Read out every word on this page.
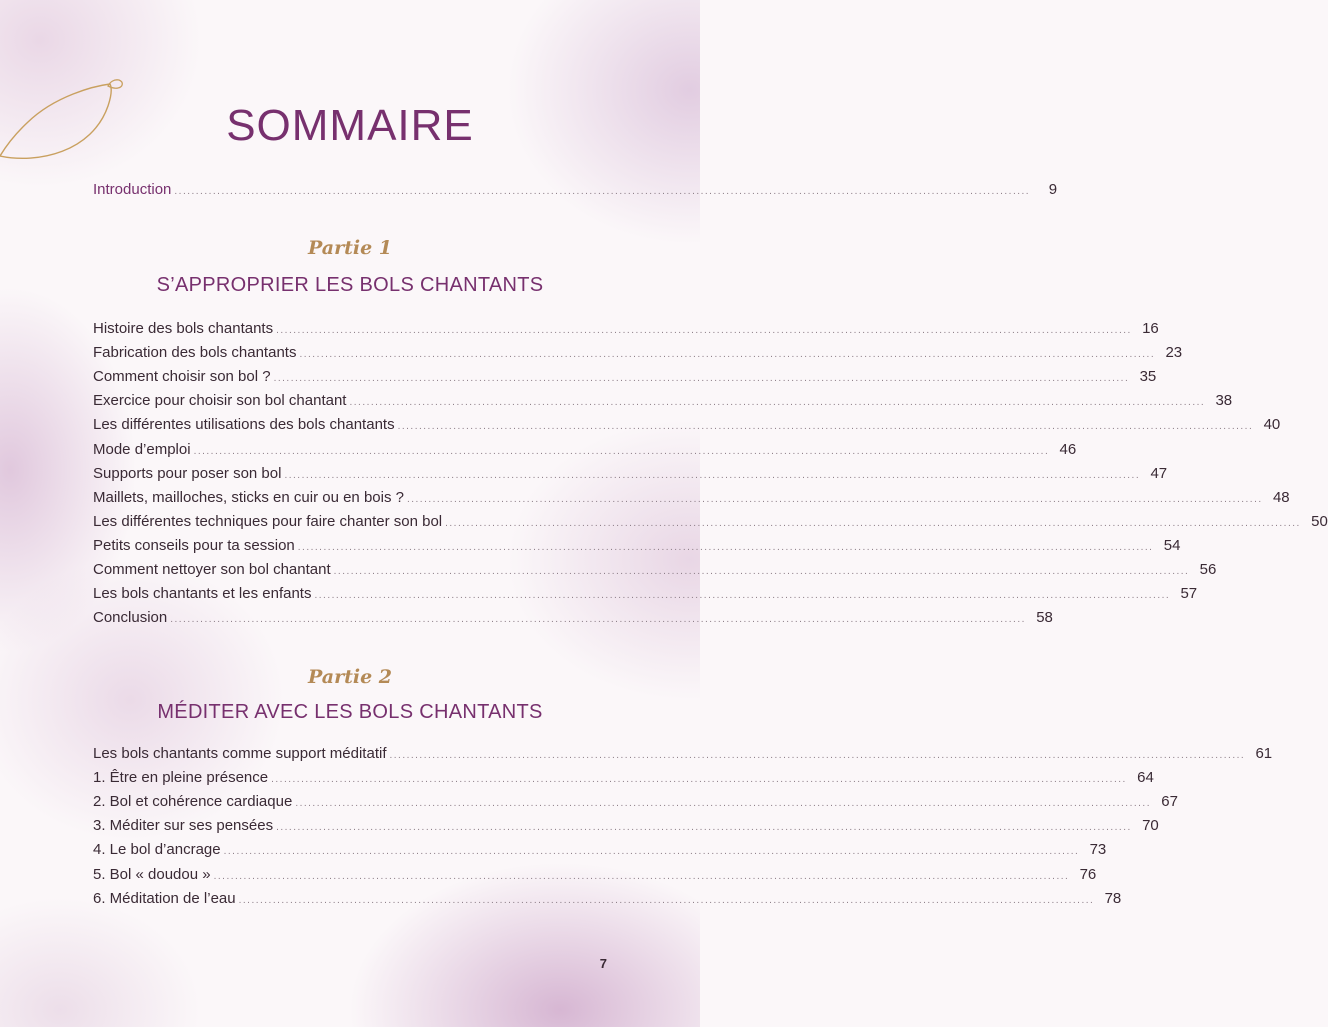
SOMMAIRE
Introduction ........................................................................................................................................................................................................	9
Partie 1
S’APPROPRIER LES BOLS CHANTANTS
Histoire des bols chantants ........................................................................................................................................................................................................ 16
Fabrication des bols chantants ........................................................................................................................................................................................................ 23
Comment choisir son bol ? ........................................................................................................................................................................................................ 35
Exercice pour choisir son bol chantant ........................................................................................................................................................................................................ 38
Les différentes utilisations des bols chantants ........................................................................................................................................................................................................ 40
Mode d’emploi ........................................................................................................................................................................................................ 46
Supports pour poser son bol ........................................................................................................................................................................................................ 47
Maillets, mailloches, sticks en cuir ou en bois ? ........................................................................................................................................................................................................ 48
Les différentes techniques pour faire chanter son bol ........................................................................................................................................................................................................ 50
Petits conseils pour ta session ........................................................................................................................................................................................................ 54
Comment nettoyer son bol chantant ........................................................................................................................................................................................................ 56
Les bols chantants et les enfants ........................................................................................................................................................................................................ 57
Conclusion ........................................................................................................................................................................................................ 58
Partie 2
MÉDITER AVEC LES BOLS CHANTANTS
Les bols chantants comme support méditatif ........................................................................................................................................................................................................ 61
1. Être en pleine présence ........................................................................................................................................................................................................ 64
2. Bol et cohérence cardiaque ........................................................................................................................................................................................................ 67
3. Méditer sur ses pensées ........................................................................................................................................................................................................ 70
4. Le bol d’ancrage ........................................................................................................................................................................................................ 73
5. Bol « doudou » ........................................................................................................................................................................................................ 76
6. Méditation de l’eau ........................................................................................................................................................................................................ 78
7
